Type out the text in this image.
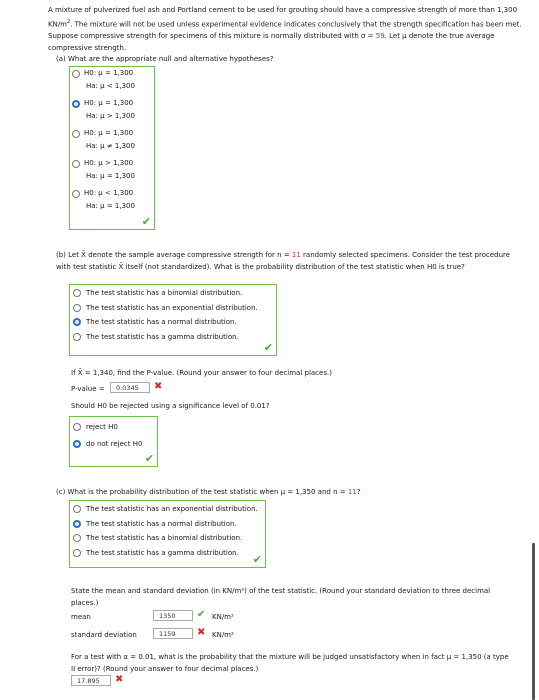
A mixture of pulverized fuel ash and Portland cement to be used for grouting should have a compressive strength of more than 1,300 $KN/m^2$. The mixture will not be used unless experimental evidence indicates conclusively that the strength specification has been met. Suppose compressive strength for specimens of this mixture is normally distributed with σ = 59. Let μ denote the true average compressive strength.
(a) What are the appropriate null and alternative hypotheses?
✔
H0: μ = 1,300
Ha: μ < 1,300
H0: μ = 1,300
Ha: μ > 1,300
H0: μ = 1,300
Ha: μ ≠ 1,300
H0: μ > 1,300
Ha: μ = 1,300
H0: μ < 1,300
Ha: μ = 1,300
(b) Let X̄ denote the sample average compressive strength for n = 11 randomly selected specimens. Consider the test procedure with test statistic X̄ itself (not standardized). What is the probability distribution of the test statistic when H0 is true?
✔
The test statistic has a binomial distribution.
The test statistic has an exponential distribution.
The test statistic has a normal distribution.
The test statistic has a gamma distribution.
If X̄ = 1,340, find the P-value. (Round your answer to four decimal places.)
P-value =	0.0345	✖
Should H0 be rejected using a significance level of 0.01?
✔
reject H0
do not reject H0
(c) What is the probability distribution of the test statistic when μ = 1,350 and n = 11?
✔
The test statistic has an exponential distribution.
The test statistic has a normal distribution.
The test statistic has a binomial distribution.
The test statistic has a gamma distribution.
State the mean and standard deviation (in KN/m²) of the test statistic. (Round your standard deviation to three decimal places.)
mean	1350	✔ KN/m²
standard deviation	1159	✖ KN/m²
For a test with α = 0.01, what is the probability that the mixture will be judged unsatisfactory when in fact μ = 1,350 (a type II error)? (Round your answer to four decimal places.)
17.895	✖
